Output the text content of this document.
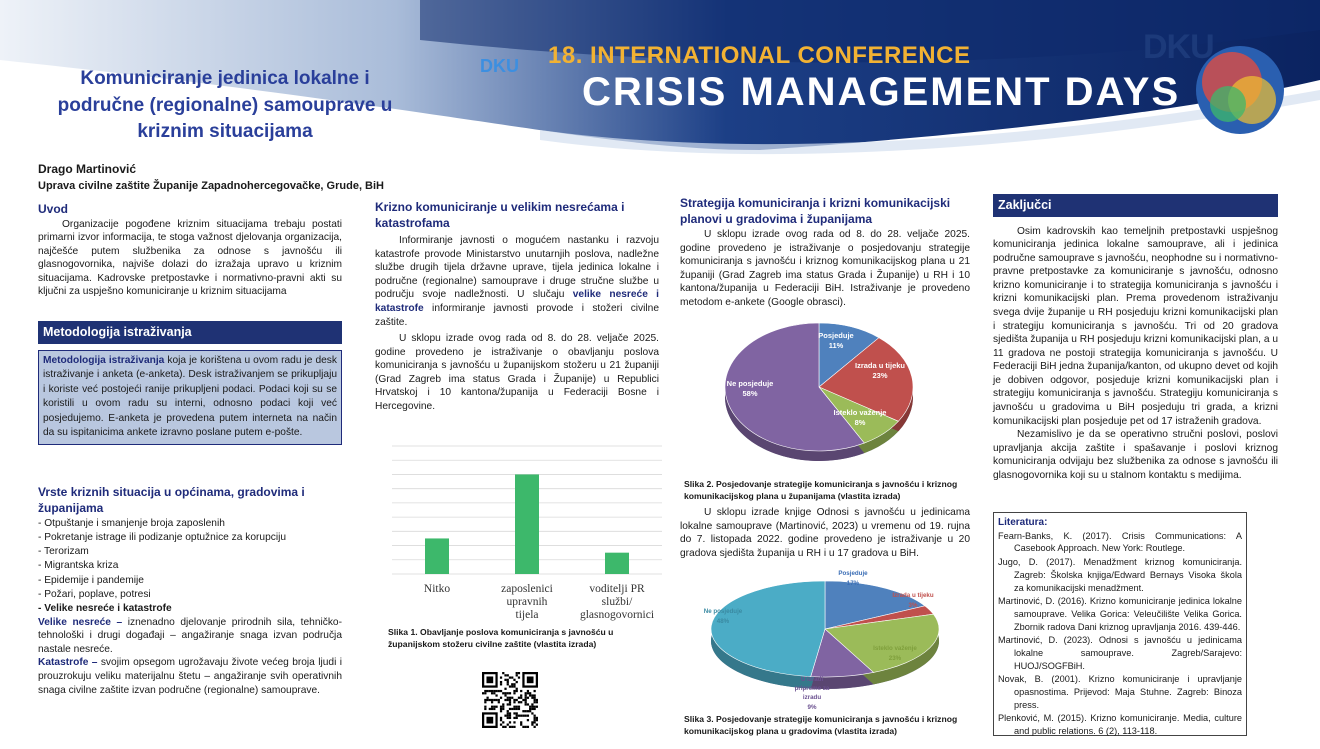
DKU 18. INTERNATIONAL CONFERENCE
CRISIS MANAGEMENT DAYS
DKU
Komuniciranje jedinica lokalne i
područne (regionalne) samouprave u
kriznim situacijama
Drago Martinović
Uprava civilne zaštite Županije Zapadnohercegovačke, Grude, BiH
Uvod
Organizacije pogođene kriznim situacijama trebaju postati primarni izvor informacija, te stoga važnost djelovanja organizacija, najčešće putem službenika za odnose s javnošću ili glasnogovornika, najviše dolazi do izražaja upravo u kriznim situacijama. Kadrovske pretpostavke i normativno-pravni akti su ključni za uspješno komuniciranje u kriznim situacijama
Metodologija istraživanja
Metodologija istraživanja koja je korištena u ovom radu je desk istraživanje i anketa (e-anketa). Desk istraživanjem se prikupljaju i koriste već postojeći ranije prikupljeni podaci. Podaci koji su se koristili u ovom radu su interni, odnosno podaci koji već posjedujemo. E-anketa je provedena putem interneta na način da su ispitanicima ankete izravno poslane putem e-pošte.
Vrste kriznih situacija u općinama, gradovima i županijama
- Otpuštanje i smanjenje broja zaposlenih
- Pokretanje istrage ili podizanje optužnice za korupciju
- Terorizam
- Migrantska kriza
- Epidemije i pandemije
- Požari, poplave, potresi
- Velike nesreće i katastrofe
Velike nesreće – iznenadno djelovanje prirodnih sila, tehničko-tehnološki i drugi događaji – angažiranje snaga izvan područja nastale nesreće.
Katastrofe – svojim opsegom ugrožavaju živote većeg broja ljudi i prouzrokuju veliku materijalnu štetu – angažiranje svih operativnih snaga civilne zaštite izvan područne (regionalne) samouprave.
Krizno komuniciranje u velikim nesrećama i katastrofama
Informiranje javnosti o mogućem nastanku i razvoju katastrofe provode Ministarstvo unutarnjih poslova, nadležne službe drugih tijela državne uprave, tijela jedinica lokalne i područne (regionalne) samouprave i druge stručne službe u području svoje nadležnosti. U slučaju velike nesreće i katastrofe informiranje javnosti provode i stožeri civilne zaštite.
U sklopu izrade ovog rada od 8. do 28. veljače 2025. godine provedeno je istraživanje o obavljanju poslova komuniciranja s javnošću u županijskom stožeru u 21 županiji (Grad Zagreb ima status Grada i Županije) u Republici Hrvatskoj i 10 kantona/županija u Federaciji Bosne i Hercegovine.
Nitko	zaposlenici upravnih tijela
voditelji PR službi/ glasnogovornici
Slika 1. Obavljanje poslova komuniciranja s javnošću u županijskom stožeru civilne zaštite (vlastita izrada)
Strategija komuniciranja i krizni komunikacijski planovi u gradovima i županijama
U sklopu izrade ovog rada od 8. do 28. veljače 2025. godine provedeno je istraživanje o posjedovanju strategije komuniciranja s javnošću i kriznog komunikacijskog plana u 21 županiji (Grad Zagreb ima status Grada i Županije) u RH i 10 kantona/županija u Federaciji BiH. Istraživanje je provedeno metodom e-ankete (Google obrasci).
Posjeduje 11%
Izrada u tijeku 23%
Isteklo važenje 8%
Ne posjeduje 58%
Slika 2. Posjedovanje strategije komuniciranja s javnošću i kriznog komunikacijskog plana u županijama (vlastita izrada)
U sklopu izrade knjige Odnosi s javnošću u jedinicama lokalne samouprave (Martinović, 2023) u vremenu od 19. rujna do 7. listopada 2022. godine provedeno je istraživanje u 20 gradova sjedišta županija u RH i u 17 gradova u BiH.
Posjeduje 17%
Izrada u tijeku 3%
Isteklo važenje 23%
U izradi pripreme za izradu 9%
Ne posjeduje 48%
Slika 3. Posjedovanje strategije komuniciranja s javnošću i kriznog komunikacijskog plana u gradovima (vlastita izrada)
Zaključci
Osim kadrovskih kao temeljnih pretpostavki uspješnog komuniciranja jedinica lokalne samouprave, ali i jedinica područne samouprave s javnošću, neophodne su i normativno-pravne pretpostavke za komuniciranje s javnošću, odnosno krizno komuniciranje i to strategija komuniciranja s javnošću i krizni komunikacijski plan. Prema provedenom istraživanju svega dvije županije u RH posjeduju krizni komunikacijski plan i strategiju komuniciranja s javnošću. Tri od 20 gradova sjedišta županija u RH posjeduju krizni komunikacijski plan, a u 11 gradova ne postoji strategija komuniciranja s javnošću. U Federaciji BiH jedna županija/kanton, od ukupno devet od kojih je dobiven odgovor, posjeduje krizni komunikacijski plan i strategiju komuniciranja s javnošću. Strategiju komuniciranja s javnošću u gradovima u BiH posjeduju tri grada, a krizni komunikacijski plan posjeduje pet od 17 istraženih gradova.
Nezamislivo je da se operativno stručni poslovi, poslovi upravljanja akcija zaštite i spašavanje i poslovi kriznog komuniciranja odvijaju bez službenika za odnose s javnošću ili glasnogovornika koji su u stalnom kontaktu s medijima.
Literatura:
Fearn-Banks, K. (2017). Crisis Communications: A Casebook Approach. New York: Routlege.
Jugo, D. (2017). Menadžment kriznog komuniciranja. Zagreb: Školska knjiga/Edward Bernays Visoka škola za komunikacijski menadžment.
Martinović, D. (2016). Krizno komuniciranje jedinica lokalne samouprave. Velika Gorica: Veleučilište Velika Gorica. Zbornik radova Dani kriznog upravljanja 2016. 439-446.
Martinović, D. (2023). Odnosi s javnošću u jedinicama lokalne samouprave. Zagreb/Sarajevo: HUOJ/SOGFBiH.
Novak, B. (2001). Krizno komuniciranje i upravljanje opasnostima. Prijevod: Maja Stuhne. Zagreb: Binoza press.
Plenković, M. (2015). Krizno komuniciranje. Media, culture and public relations. 6 (2), 113-118.
